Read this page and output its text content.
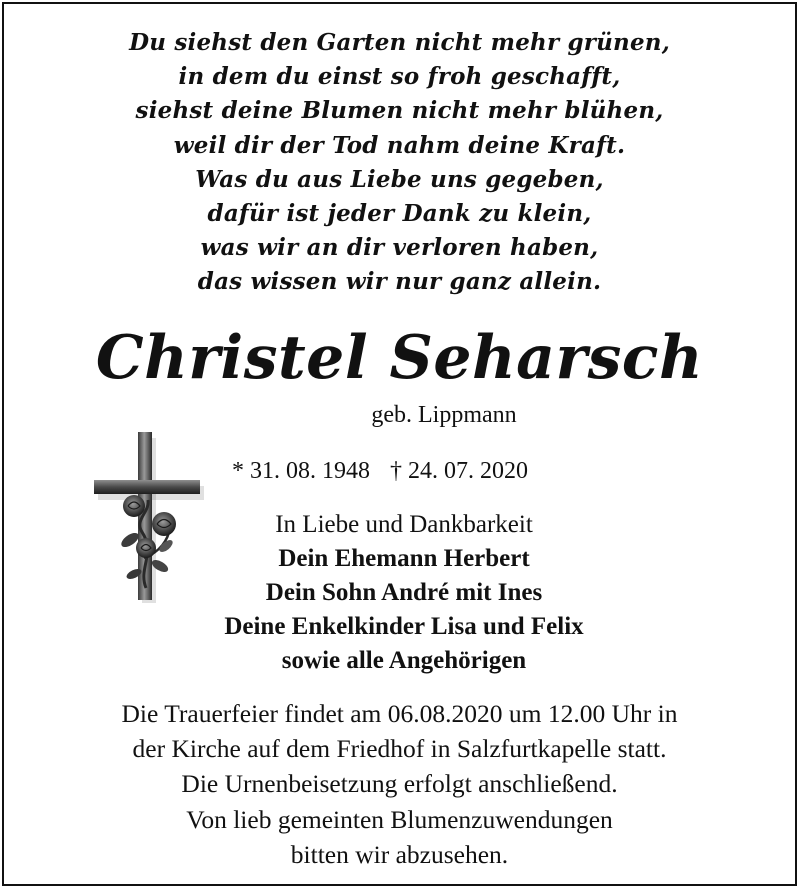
Du siehst den Garten nicht mehr grünen,
in dem du einst so froh geschafft,
siehst deine Blumen nicht mehr blühen,
weil dir der Tod nahm deine Kraft.
Was du aus Liebe uns gegeben,
dafür ist jeder Dank zu klein,
was wir an dir verloren haben,
das wissen wir nur ganz allein.
Christel Seharsch
geb. Lippmann
* 31. 08. 1948 † 24. 07. 2020
In Liebe und Dankbarkeit
Dein Ehemann Herbert
Dein Sohn André mit Ines
Deine Enkelkinder Lisa und Felix
sowie alle Angehörigen
Die Trauerfeier findet am 06.08.2020 um 12.00 Uhr in
der Kirche auf dem Friedhof in Salzfurtkapelle statt.
Die Urnenbeisetzung erfolgt anschließend.
Von lieb gemeinten Blumenzuwendungen
bitten wir abzusehen.
